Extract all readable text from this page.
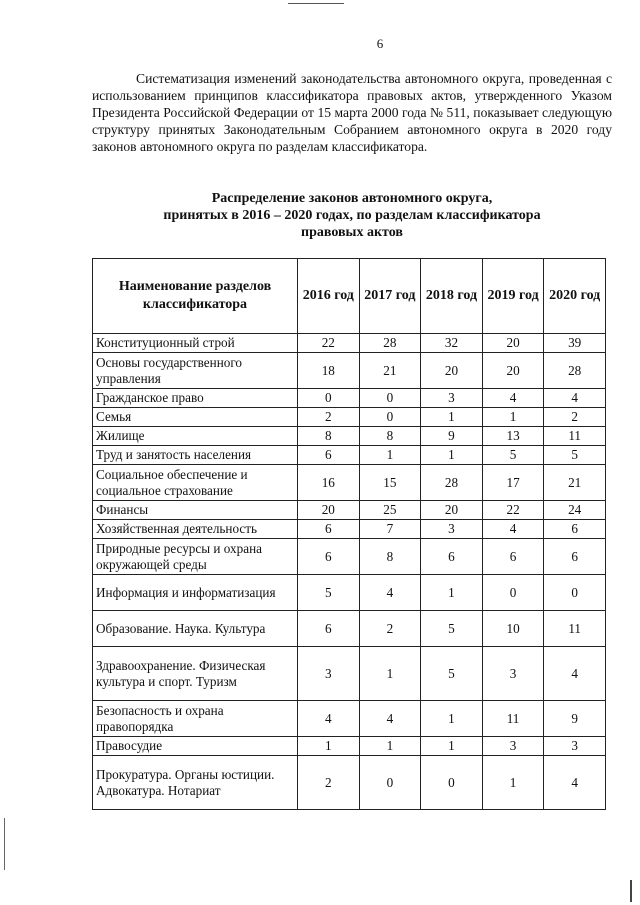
6

Систематизация изменений законодательства автономного округа, проведенная с использованием принципов классификатора правовых актов, утвержденного Указом Президента Российской Федерации от 15 марта 2000 года № 511, показывает следующую структуру принятых Законодательным Собранием автономного округа в 2020 году законов автономного округа по разделам классификатора.

Распределение законов автономного округа,
принятых в 2016 – 2020 годах, по разделам классификатора
правовых актов
Наименование разделов классификатора	2016 год	2017 год	2018 год	2019 год	2020 год
Конституционный строй	22	28	32	20	39
Основы государственного управления	18	21	20	20	28
Гражданское право	0	0	3	4	4
Семья	2	0	1	1	2
Жилище	8	8	9	13	11
Труд и занятость населения	6	1	1	5	5
Социальное обеспечение и социальное страхование	16	15	28	17	21
Финансы	20	25	20	22	24
Хозяйственная деятельность	6	7	3	4	6
Природные ресурсы и охрана окружающей среды	6	8	6	6	6
Информация и информатизация	5	4	1	0	0
Образование. Наука. Культура	6	2	5	10	11
Здравоохранение. Физическая культура и спорт. Туризм	3	1	5	3	4
Безопасность и охрана правопорядка	4	4	1	11	9
Правосудие	1	1	1	3	3
Прокуратура. Органы юстиции. Адвокатура. Нотариат	2	0	0	1	4
